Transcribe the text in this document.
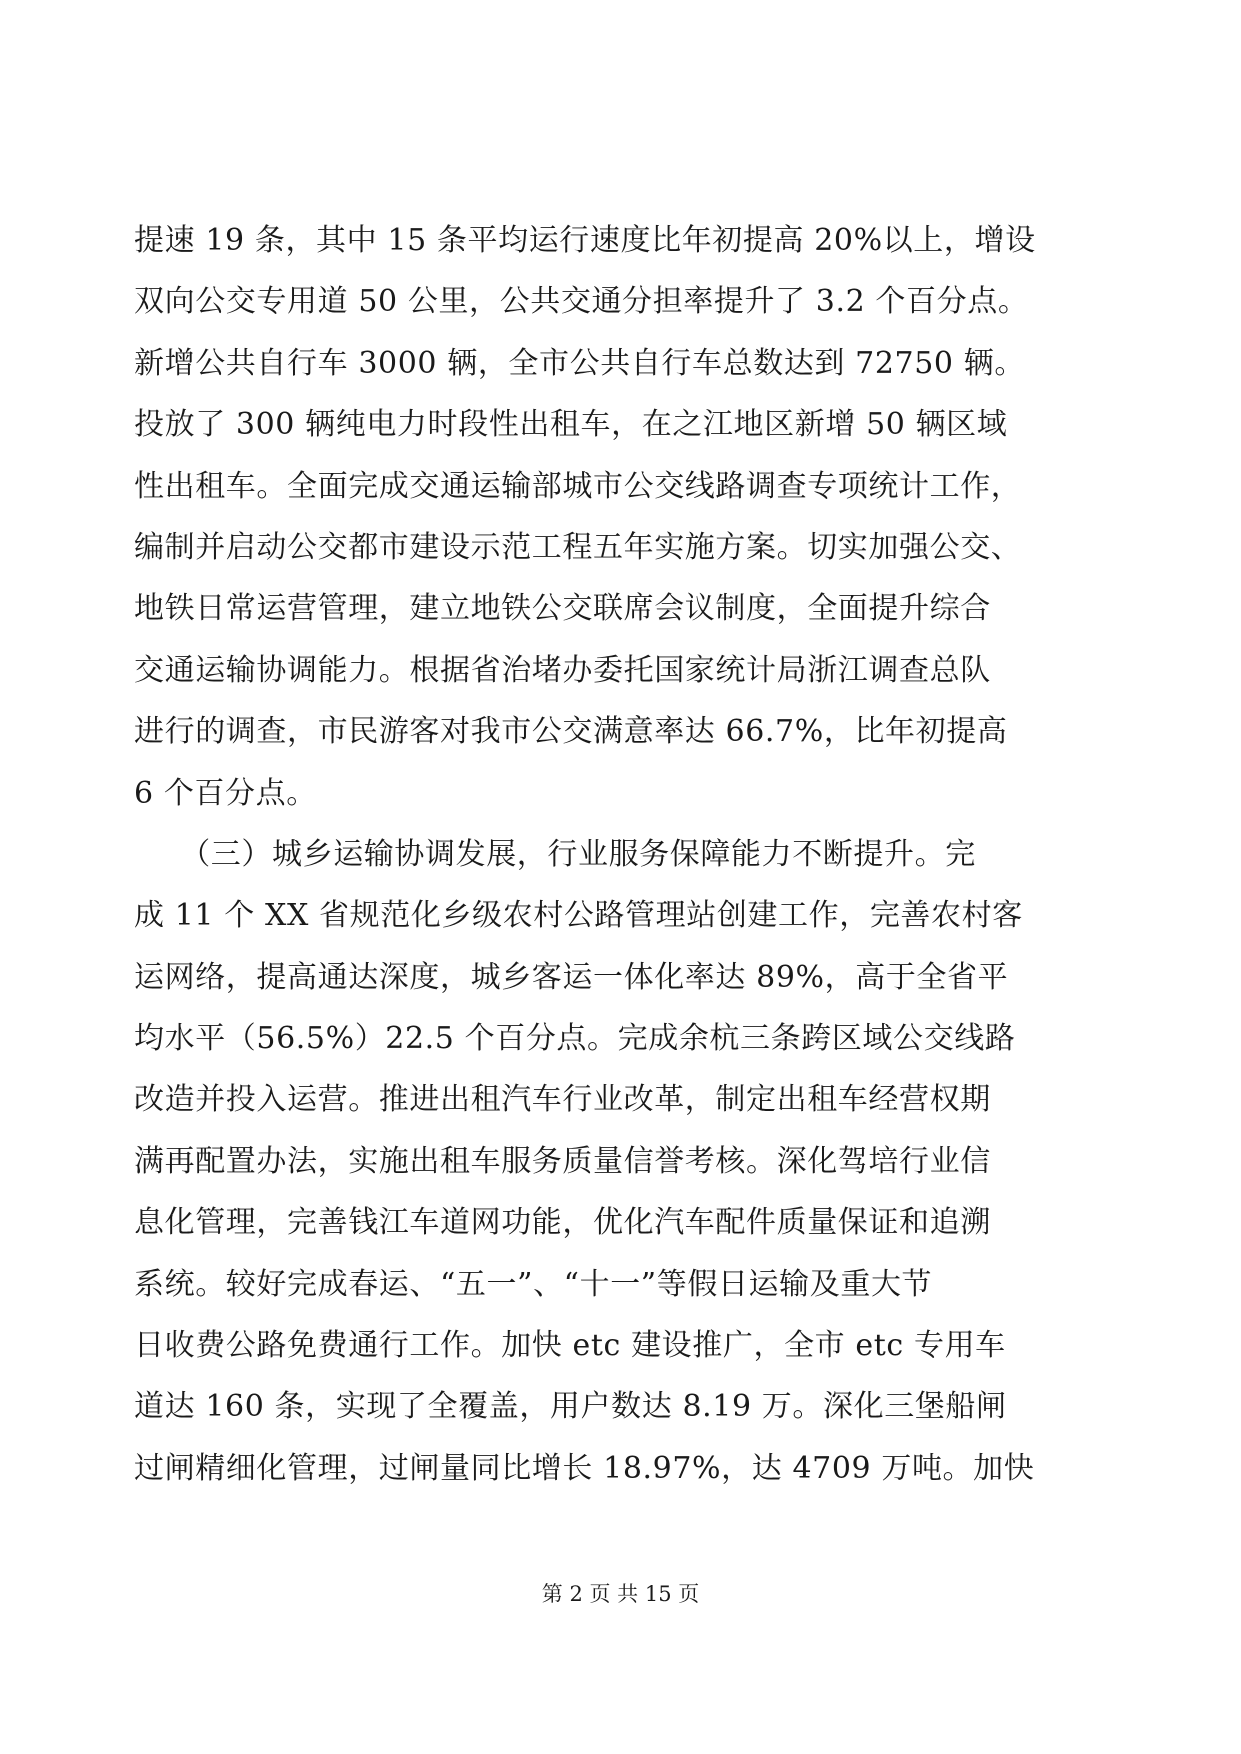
提速 19 条，其中 15 条平均运行速度比年初提高 20%以上，增设
双向公交专用道 50 公里，公共交通分担率提升了 3.2 个百分点。
新增公共自行车 3000 辆，全市公共自行车总数达到 72750 辆。
投放了 300 辆纯电力时段性出租车，在之江地区新增 50 辆区域
性出租车。全面完成交通运输部城市公交线路调查专项统计工作，
编制并启动公交都市建设示范工程五年实施方案。切实加强公交、
地铁日常运营管理，建立地铁公交联席会议制度，全面提升综合
交通运输协调能力。根据省治堵办委托国家统计局浙江调查总队
进行的调查，市民游客对我市公交满意率达 66.7%，比年初提高
6 个百分点。
　　（三）城乡运输协调发展，行业服务保障能力不断提升。完
成 11 个 XX 省规范化乡级农村公路管理站创建工作，完善农村客
运网络，提高通达深度，城乡客运一体化率达 89%，高于全省平
均水平（56.5%）22.5 个百分点。完成余杭三条跨区域公交线路
改造并投入运营。推进出租汽车行业改革，制定出租车经营权期
满再配置办法，实施出租车服务质量信誉考核。深化驾培行业信
息化管理，完善钱江车道网功能，优化汽车配件质量保证和追溯
系统。较好完成春运、“五一”、“十一”等假日运输及重大节
日收费公路免费通行工作。加快 etc 建设推广，全市 etc 专用车
道达 160 条，实现了全覆盖，用户数达 8.19 万。深化三堡船闸
过闸精细化管理，过闸量同比增长 18.97%，达 4709 万吨。加快
第 2 页 共 15 页
